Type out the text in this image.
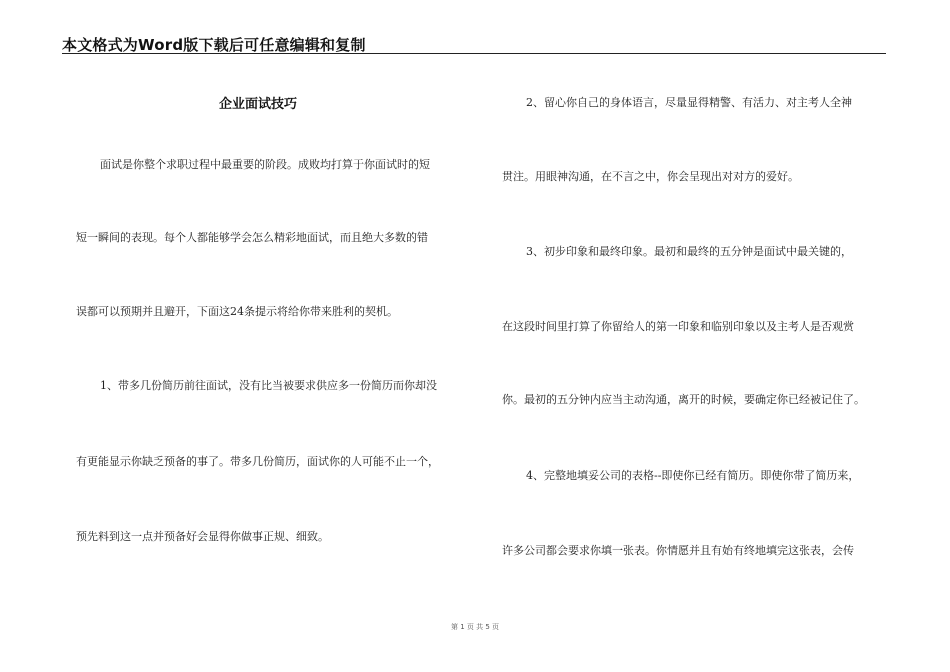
本文格式为Word版下载后可任意编辑和复制
企业面试技巧
面试是你整个求职过程中最重要的阶段。成败均打算于你面试时的短
短一瞬间的表现。每个人都能够学会怎么精彩地面试，而且绝大多数的错
误都可以预期并且避开，下面这24条提示将给你带来胜利的契机。
1、带多几份简历前往面试，没有比当被要求供应多一份简历而你却没
有更能显示你缺乏预备的事了。带多几份简历，面试你的人可能不止一个，
预先料到这一点并预备好会显得你做事正规、细致。
2、留心你自己的身体语言，尽量显得精警、有活力、对主考人全神
贯注。用眼神沟通，在不言之中，你会呈现出对对方的爱好。
3、初步印象和最终印象。最初和最终的五分钟是面试中最关键的，
在这段时间里打算了你留给人的第一印象和临别印象以及主考人是否观赏
你。最初的五分钟内应当主动沟通，离开的时候，要确定你已经被记住了。
4、完整地填妥公司的表格--即使你已经有简历。即使你带了简历来，
许多公司都会要求你填一张表。你情愿并且有始有终地填完这张表，会传
第 1 页 共 5 页
